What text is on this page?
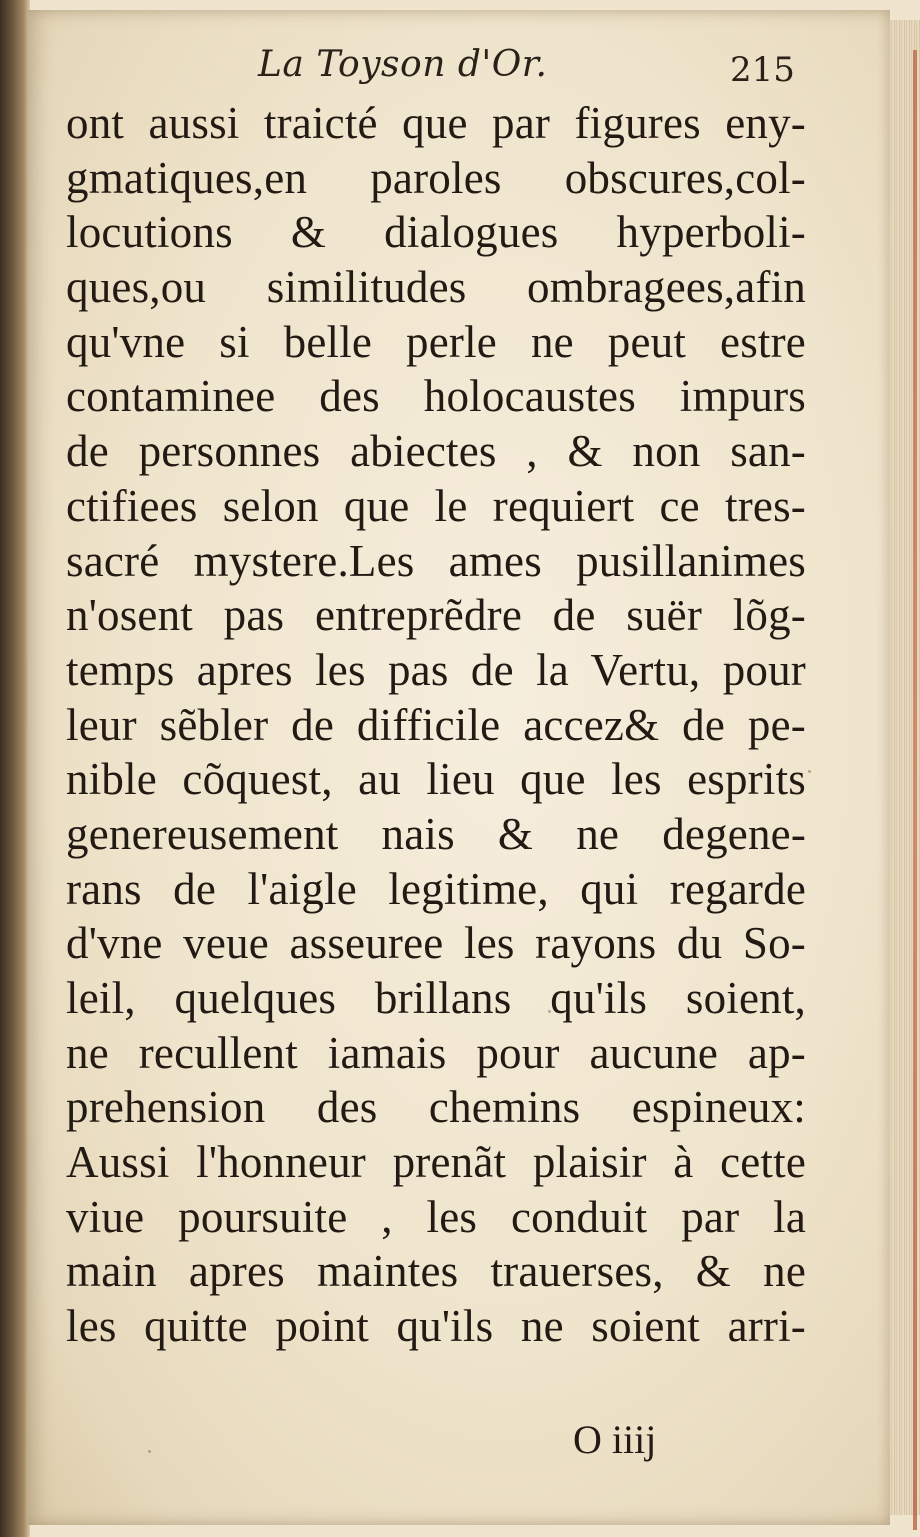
La Toyson d'Or.	215
ont aussi traicté que par figures eny-
gmatiques,en paroles obscures,col-
locutions & dialogues hyperboli-
ques,ou similitudes ombragees,afin
qu'vne si belle perle ne peut estre
contaminee des holocaustes impurs
de personnes abiectes , & non san-
ctifiees selon que le requiert ce tres-
sacré mystere.Les ames pusillanimes
n'osent pas entreprẽdre de suër lõg-
temps apres les pas de la Vertu, pour
leur sẽbler de difficile accez& de pe-
nible cõquest, au lieu que les esprits
genereusement nais & ne degene-
rans de l'aigle legitime, qui regarde
d'vne veue asseuree les rayons du So-
leil, quelques brillans qu'ils soient,
ne recullent iamais pour aucune ap-
prehension des chemins espineux:
Aussi l'honneur prenãt plaisir à cette
viue poursuite , les conduit par la
main apres maintes trauerses, & ne
les quitte point qu'ils ne soient arri-
O iiij
